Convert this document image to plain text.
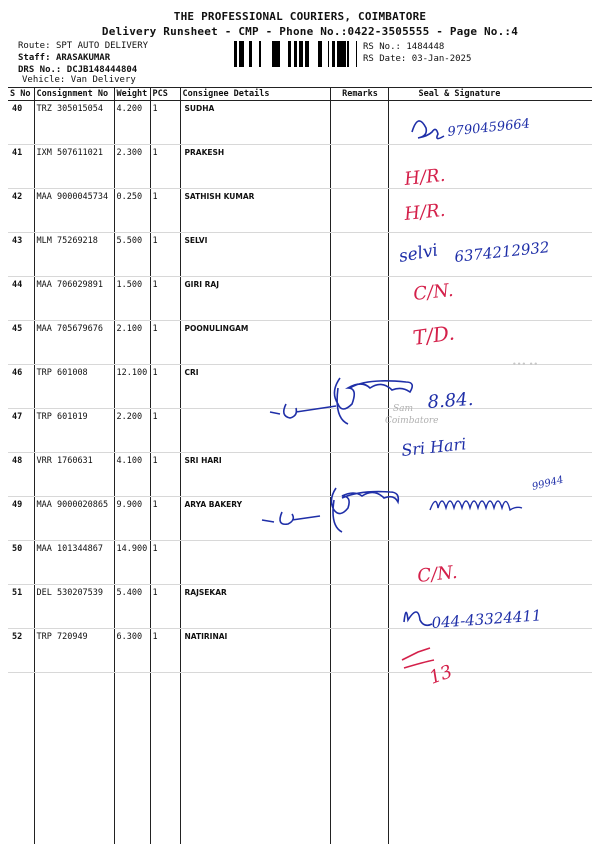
THE PROFESSIONAL COURIERS, COIMBATORE
Delivery Runsheet - CMP - Phone No.:0422-3505555 - Page No.:4
Route: SPT AUTO DELIVERY
Staff: ARASAKUMAR
DRS No.: DCJB148444804
Vehicle: Van Delivery
RS No.: 1484448
RS Date: 03-Jan-2025
S No	Consignment No	Weight	PCS	Consignee Details	Remarks	Seal & Signature
40	TRZ 305015054	4.200	1	SUDHA		
41	IXM 507611021	2.300	1	PRAKESH		
42	MAA 9000045734	0.250	1	SATHISH KUMAR		
43	MLM 75269218	5.500	1	SELVI		
44	MAA 706029891	1.500	1	GIRI RAJ		
45	MAA 705679676	2.100	1	POONULINGAM		
46	TRP 601008	12.100	1	CRI		
47	TRP 601019	2.200	1			
48	VRR 1760631	4.100	1	SRI HARI		
49	MAA 9000020865	9.900	1	ARYA BAKERY		
50	MAA 101344867	14.900	1			
51	DEL 530207539	5.400	1	RAJSEKAR		
52	TRP 720949	6.300	1	NATIRINAI		

9790459664
H/R.
H/R.
selvi 6374212932
C/N.
T/D.
••• ••
Sam
Coimbatore
8.84.
Sri Hari
99944
C/N.
044-43324411
13
